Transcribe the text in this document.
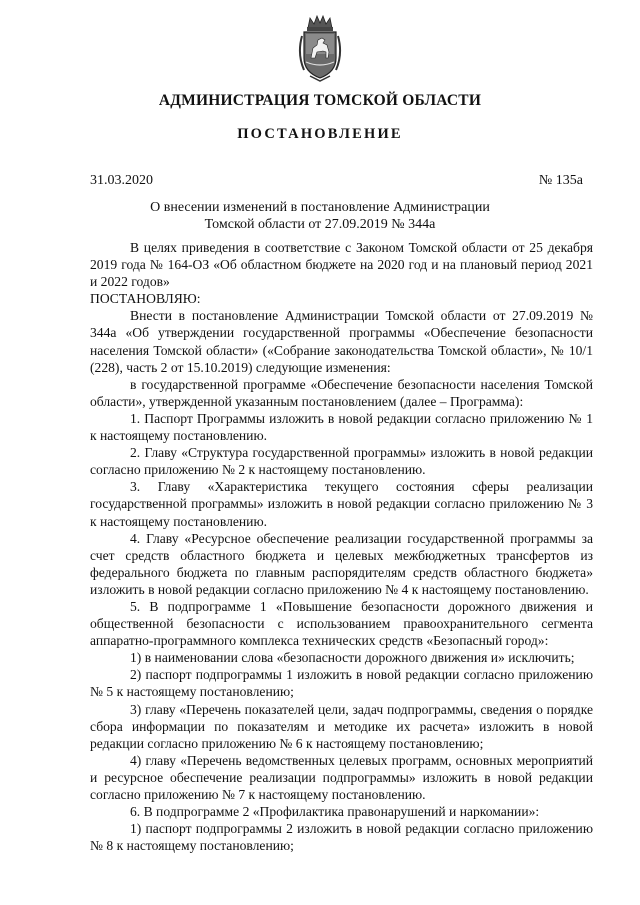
АДМИНИСТРАЦИЯ ТОМСКОЙ ОБЛАСТИ
ПОСТАНОВЛЕНИЕ
31.03.2020	№ 135а
О внесении изменений в постановление Администрации
Томской области от 27.09.2019 № 344а

В целях приведения в соответствие с Законом Томской области от 25 декабря 2019 года № 164-ОЗ «Об областном бюджете на 2020 год и на плановый период 2021 и 2022 годов»

ПОСТАНОВЛЯЮ:

Внести в постановление Администрации Томской области от 27.09.2019 № 344а «Об утверждении государственной программы «Обеспечение безопасности населения Томской области» («Собрание законодательства Томской области», № 10/1 (228), часть 2 от 15.10.2019) следующие изменения:

в государственной программе «Обеспечение безопасности населения Томской области», утвержденной указанным постановлением (далее – Программа):

1. Паспорт Программы изложить в новой редакции согласно приложению № 1 к настоящему постановлению.

2. Главу «Структура государственной программы» изложить в новой редакции согласно приложению № 2 к настоящему постановлению.

3. Главу «Характеристика текущего состояния сферы реализации государственной программы» изложить в новой редакции согласно приложению № 3 к настоящему постановлению.

4. Главу «Ресурсное обеспечение реализации государственной программы за счет средств областного бюджета и целевых межбюджетных трансфертов из федерального бюджета по главным распорядителям средств областного бюджета» изложить в новой редакции согласно приложению № 4 к настоящему постановлению.

5. В подпрограмме 1 «Повышение безопасности дорожного движения и общественной безопасности с использованием правоохранительного сегмента аппаратно-программного комплекса технических средств «Безопасный город»:

1) в наименовании слова «безопасности дорожного движения и» исключить;

2) паспорт подпрограммы 1 изложить в новой редакции согласно приложению № 5 к настоящему постановлению;

3) главу «Перечень показателей цели, задач подпрограммы, сведения о порядке сбора информации по показателям и методике их расчета» изложить в новой редакции согласно приложению № 6 к настоящему постановлению;

4) главу «Перечень ведомственных целевых программ, основных мероприятий и ресурсное обеспечение реализации подпрограммы» изложить в новой редакции согласно приложению № 7 к настоящему постановлению.

6. В подпрограмме 2 «Профилактика правонарушений и наркомании»:

1) паспорт подпрограммы 2 изложить в новой редакции согласно приложению № 8 к настоящему постановлению;
